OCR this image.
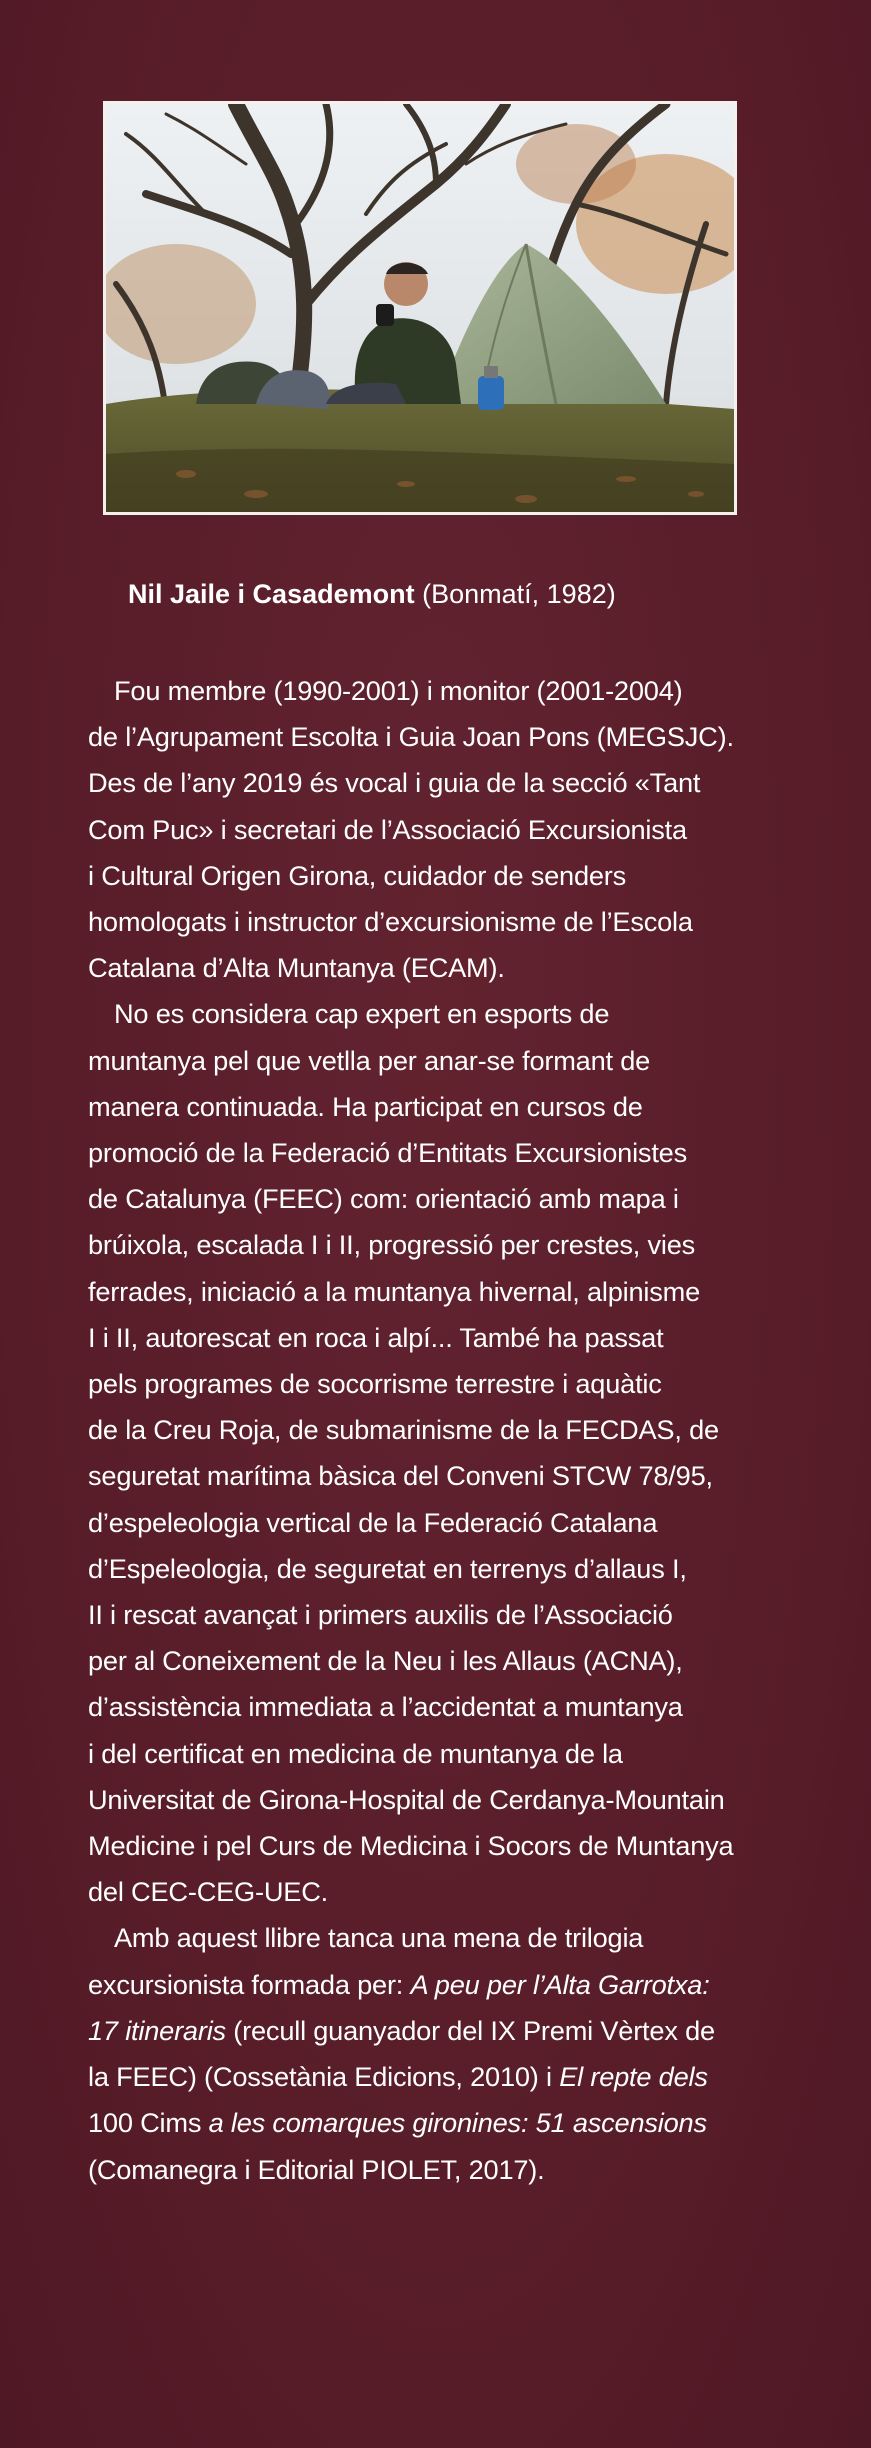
Nil Jaile i Casademont (Bonmatí, 1982)
Fou membre (1990-2001) i monitor (2001-2004)
de l’Agrupament Escolta i Guia Joan Pons (MEGSJC).
Des de l’any 2019 és vocal i guia de la secció «Tant
Com Puc» i secretari de l’Associació Excursionista
i Cultural Origen Girona, cuidador de senders
homologats i instructor d’excursionisme de l’Escola
Catalana d’Alta Muntanya (ECAM).
No es considera cap expert en esports de
muntanya pel que vetlla per anar-se formant de
manera continuada. Ha participat en cursos de
promoció de la Federació d’Entitats Excursionistes
de Catalunya (FEEC) com: orientació amb mapa i
brúixola, escalada I i II, progressió per crestes, vies
ferrades, iniciació a la muntanya hivernal, alpinisme
I i II, autorescat en roca i alpí... També ha passat
pels programes de socorrisme terrestre i aquàtic
de la Creu Roja, de submarinisme de la FECDAS, de
seguretat marítima bàsica del Conveni STCW 78/95,
d’espeleologia vertical de la Federació Catalana
d’Espeleologia, de seguretat en terrenys d’allaus I,
II i rescat avançat i primers auxilis de l’Associació
per al Coneixement de la Neu i les Allaus (ACNA),
d’assistència immediata a l’accidentat a muntanya
i del certificat en medicina de muntanya de la
Universitat de Girona-Hospital de Cerdanya-Mountain
Medicine i pel Curs de Medicina i Socors de Muntanya
del CEC-CEG-UEC.
Amb aquest llibre tanca una mena de trilogia
excursionista formada per: A peu per l’Alta Garrotxa:
17 itineraris (recull guanyador del IX Premi Vèrtex de
la FEEC) (Cossetània Edicions, 2010) i El repte dels
100 Cims a les comarques gironines: 51 ascensions
(Comanegra i Editorial PIOLET, 2017).
